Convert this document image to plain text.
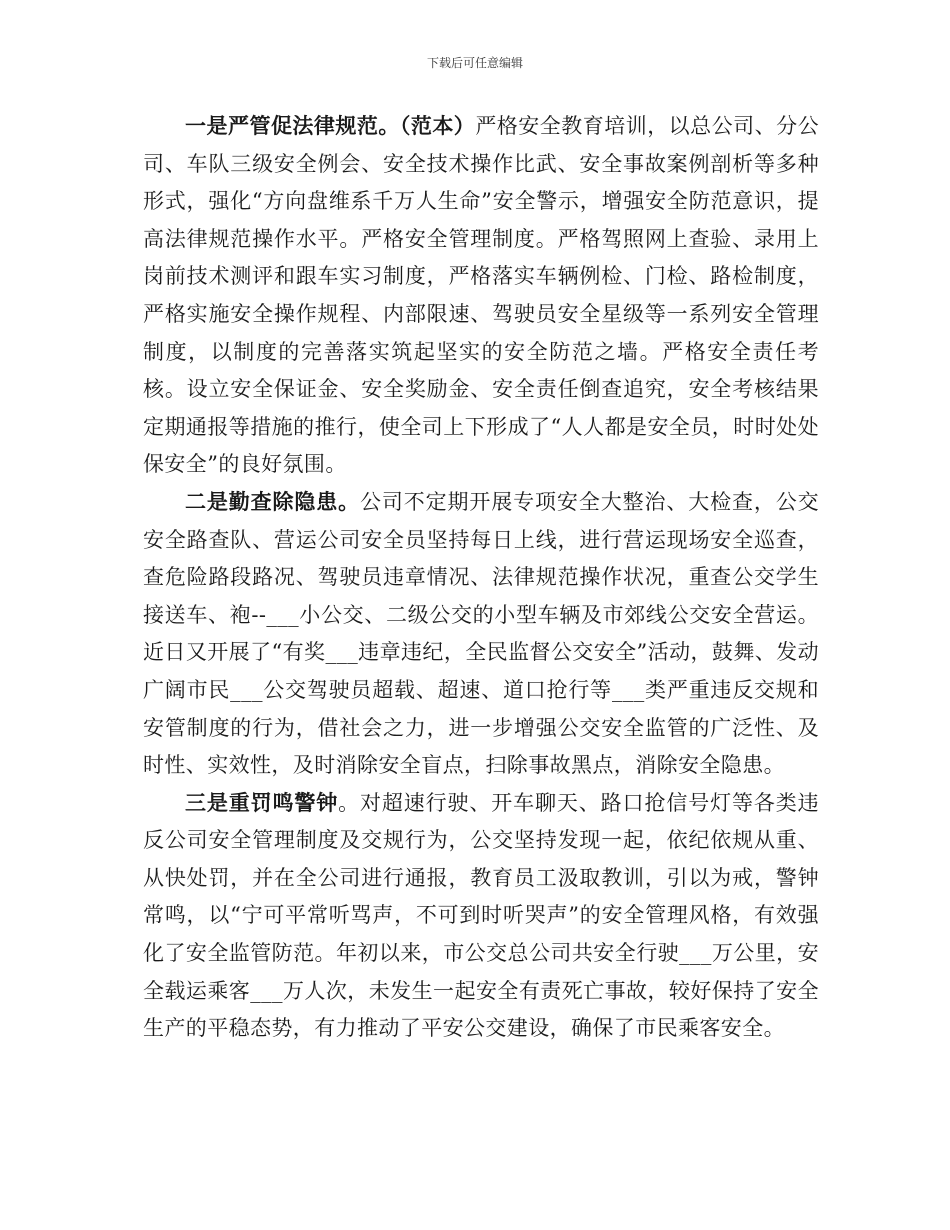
下载后可任意编辑

一是严管促法律规范。（范本）严格安全教育培训，以总公司、分公司、车队三级安全例会、安全技术操作比武、安全事故案例剖析等多种形式，强化“方向盘维系千万人生命”安全警示，增强安全防范意识，提高法律规范操作水平。严格安全管理制度。严格驾照网上查验、录用上岗前技术测评和跟车实习制度，严格落实车辆例检、门检、路检制度，严格实施安全操作规程、内部限速、驾驶员安全星级等一系列安全管理制度，以制度的完善落实筑起坚实的安全防范之墙。严格安全责任考核。设立安全保证金、安全奖励金、安全责任倒查追究，安全考核结果定期通报等措施的推行，使全司上下形成了“人人都是安全员，时时处处保安全”的良好氛围。

二是勤查除隐患。公司不定期开展专项安全大整治、大检查，公交安全路查队、营运公司安全员坚持每日上线，进行营运现场安全巡查，查危险路段路况、驾驶员违章情况、法律规范操作状况，重查公交学生接送车、袍--___小公交、二级公交的小型车辆及市郊线公交安全营运。近日又开展了“有奖___违章违纪，全民监督公交安全”活动，鼓舞、发动广阔市民___公交驾驶员超载、超速、道口抢行等___类严重违反交规和安管制度的行为，借社会之力，进一步增强公交安全监管的广泛性、及时性、实效性，及时消除安全盲点，扫除事故黑点，消除安全隐患。

三是重罚鸣警钟。对超速行驶、开车聊天、路口抢信号灯等各类违反公司安全管理制度及交规行为，公交坚持发现一起，依纪依规从重、从快处罚，并在全公司进行通报，教育员工汲取教训，引以为戒，警钟常鸣，以“宁可平常听骂声，不可到时听哭声”的安全管理风格，有效强化了安全监管防范。年初以来，市公交总公司共安全行驶___万公里，安全载运乘客___万人次，未发生一起安全有责死亡事故，较好保持了安全生产的平稳态势，有力推动了平安公交建设，确保了市民乘客安全。
